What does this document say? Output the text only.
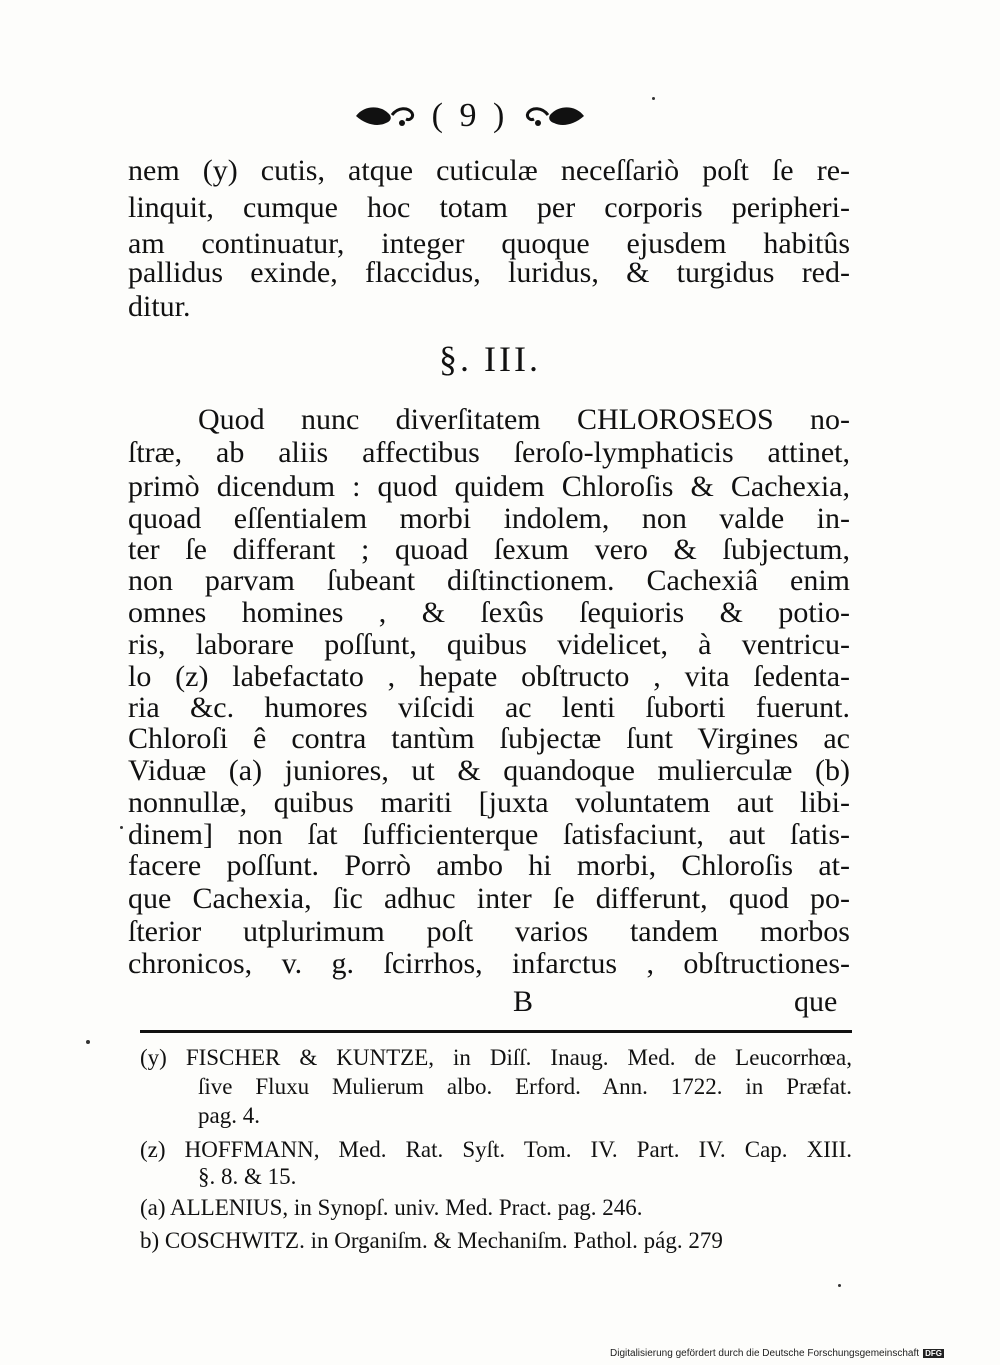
( 9 )
nem (y) cutis, atque cuticulæ neceſſariò poſt ſe re-
linquit, cumque hoc totam per corporis peripheri-
am continuatur, integer quoque ejusdem habitûs
pallidus exinde, flaccidus, luridus, & turgidus red-
ditur.
§. III.
Quod nunc diverſitatem CHLOROSEOS no-
ſtræ, ab aliis affectibus ſeroſo-lymphaticis attinet,
primò dicendum : quod quidem Chloroſis & Cachexia,
quoad eſſentialem morbi indolem, non valde in-
ter ſe differant ; quoad ſexum vero & ſubjectum,
non parvam ſubeant diſtinctionem. Cachexiâ enim
omnes homines , & ſexûs ſequioris & potio-
ris, laborare poſſunt, quibus videlicet, à ventricu-
lo (z) labefactato , hepate obſtructo , vita ſedenta-
ria &c. humores viſcidi ac lenti ſuborti fuerunt.
Chloroſi ê contra tantùm ſubjectæ ſunt Virgines ac
Viduæ (a) juniores, ut & quandoque mulierculæ (b)
nonnullæ, quibus mariti [juxta voluntatem aut libi-
dinem] non ſat ſufficienterque ſatisfaciunt, aut ſatis-
facere poſſunt. Porrò ambo hi morbi, Chloroſis at-
que Cachexia, ſic adhuc inter ſe differunt, quod po-
ſterior utplurimum poſt varios tandem morbos
chronicos, v. g. ſcirrhos, infarctus , obſtructiones-
B	que
(y) FISCHER & KUNTZE, in Diſſ. Inaug. Med. de Leucorrhœa,
ſive Fluxu Mulierum albo. Erford. Ann. 1722. in Præfat.
pag. 4.
(z) HOFFMANN, Med. Rat. Syſt. Tom. IV. Part. IV. Cap. XIII.
§. 8. & 15.
(a) ALLENIUS, in Synopſ. univ. Med. Pract. pag. 246.
b) COSCHWITZ. in Organiſm. & Mechaniſm. Pathol. pág. 279
Digitalisierung gefördert durch die Deutsche Forschungsgemeinschaft DFG
